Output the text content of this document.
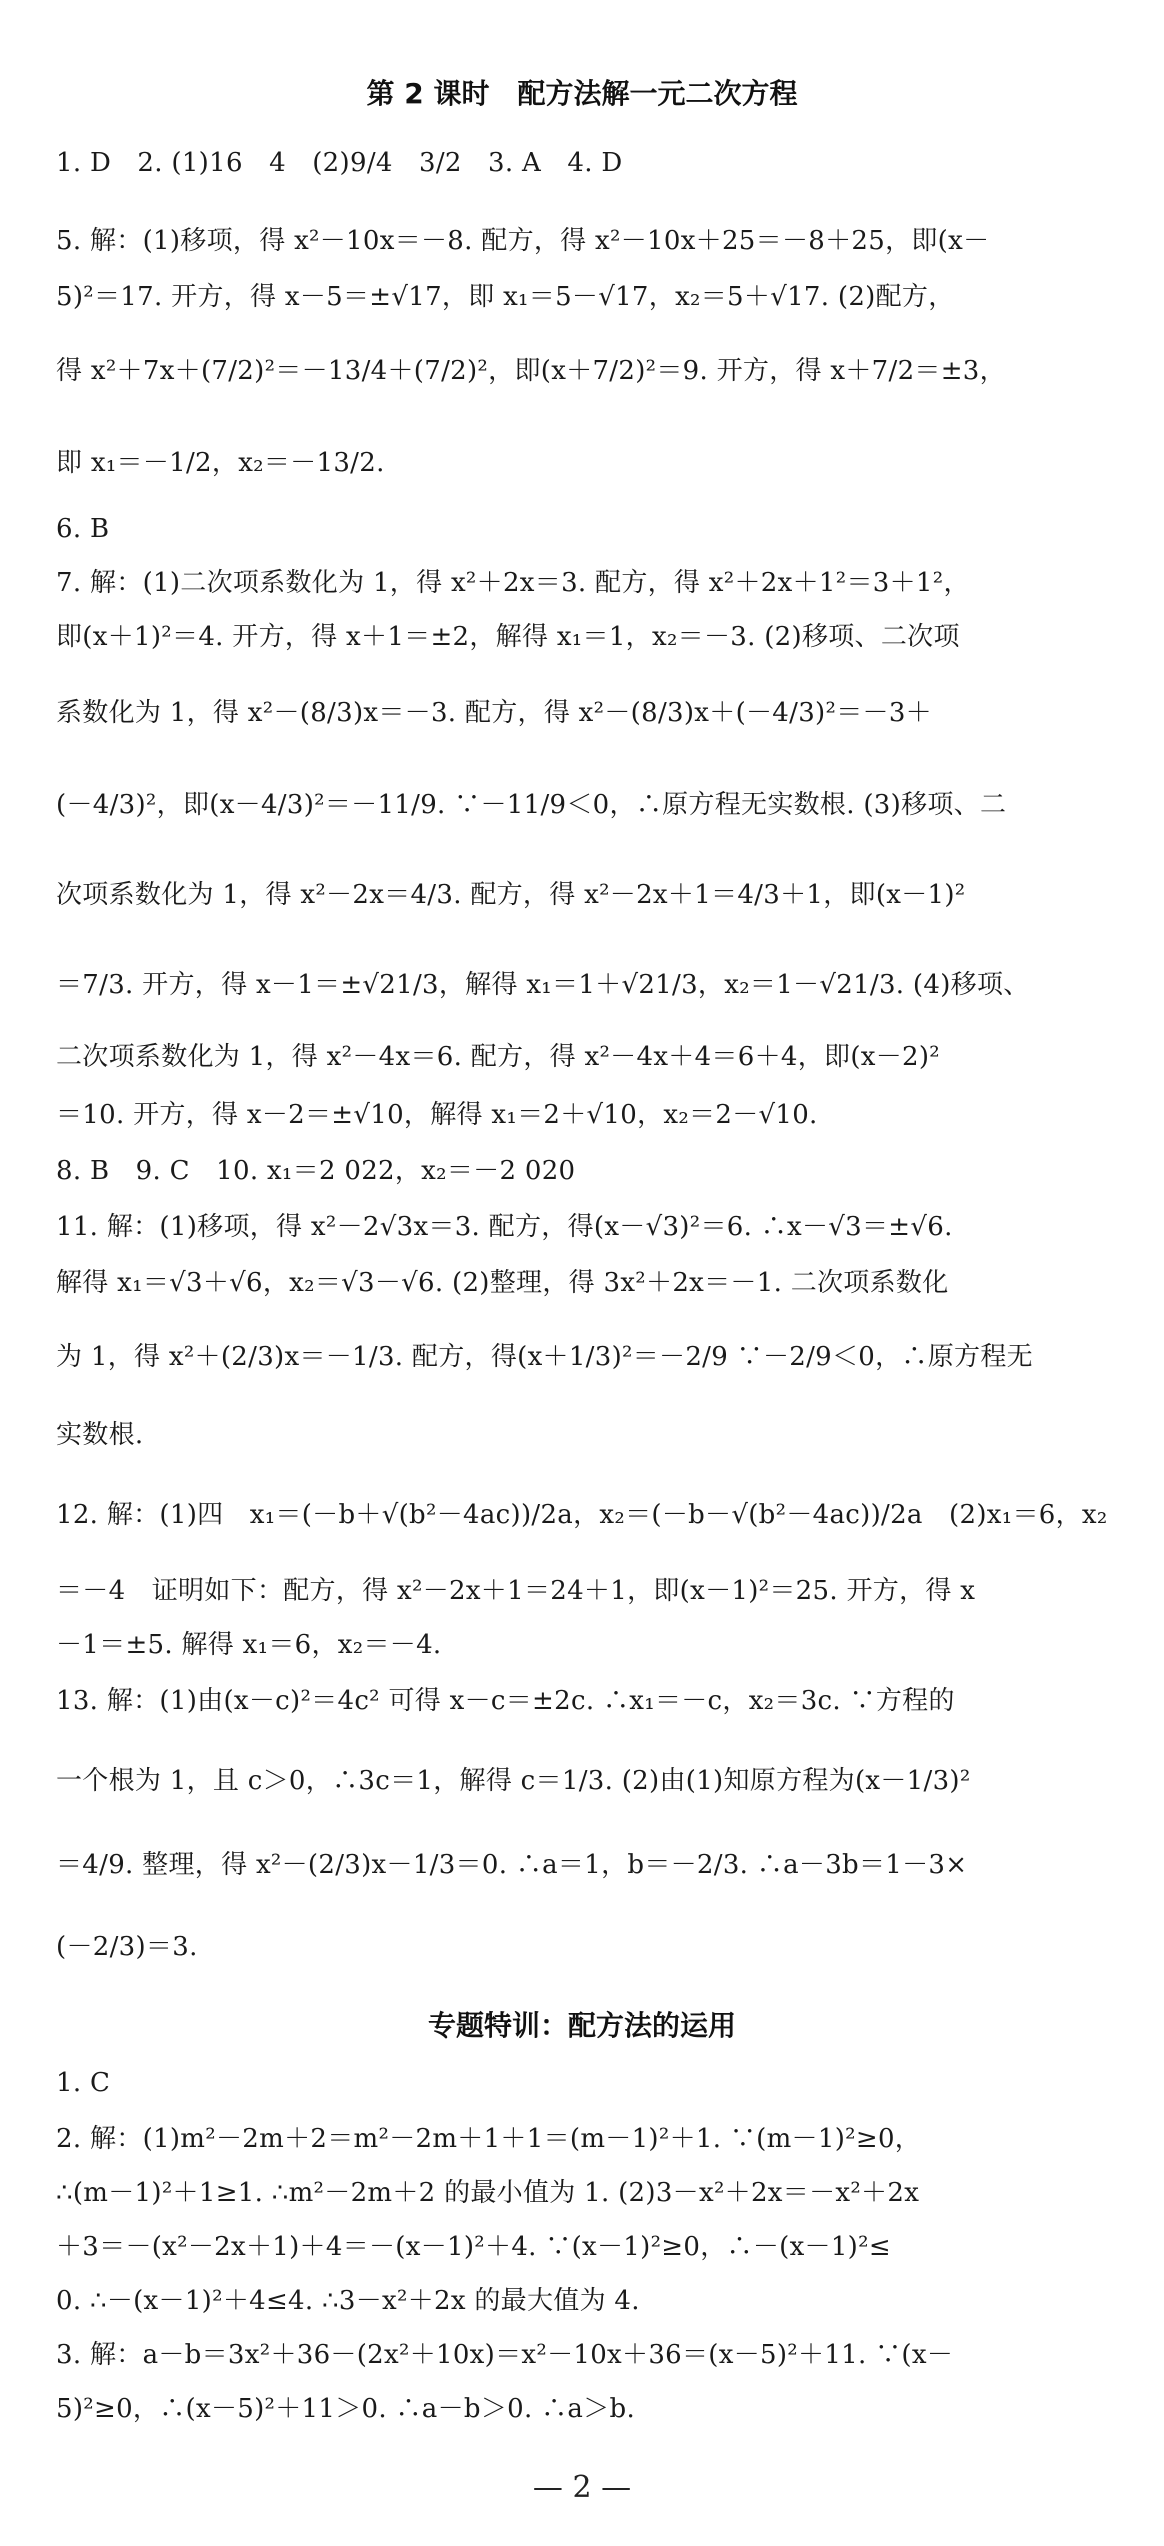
第 2 课时　配方法解一元二次方程
1. D　2. (1)16　4　(2)9/4　3/2　3. A　4. D
5. 解：(1)移项，得 x²－10x＝－8. 配方，得 x²－10x＋25＝－8＋25，即(x－
5)²＝17. 开方，得 x－5＝±√17，即 x₁＝5－√17，x₂＝5＋√17. (2)配方，
得 x²＋7x＋(7/2)²＝－13/4＋(7/2)²，即(x＋7/2)²＝9. 开方，得 x＋7/2＝±3，
即 x₁＝－1/2，x₂＝－13/2.
6. B
7. 解：(1)二次项系数化为 1，得 x²＋2x＝3. 配方，得 x²＋2x＋1²＝3＋1²，
即(x＋1)²＝4. 开方，得 x＋1＝±2，解得 x₁＝1，x₂＝－3. (2)移项、二次项
系数化为 1，得 x²－(8/3)x＝－3. 配方，得 x²－(8/3)x＋(－4/3)²＝－3＋
(－4/3)²，即(x－4/3)²＝－11/9. ∵－11/9＜0，∴原方程无实数根. (3)移项、二
次项系数化为 1，得 x²－2x＝4/3. 配方，得 x²－2x＋1＝4/3＋1，即(x－1)²
＝7/3. 开方，得 x－1＝±√21/3，解得 x₁＝1＋√21/3，x₂＝1－√21/3. (4)移项、
二次项系数化为 1，得 x²－4x＝6. 配方，得 x²－4x＋4＝6＋4，即(x－2)²
＝10. 开方，得 x－2＝±√10，解得 x₁＝2＋√10，x₂＝2－√10.
8. B　9. C　10. x₁＝2 022，x₂＝－2 020
11. 解：(1)移项，得 x²－2√3x＝3. 配方，得(x－√3)²＝6. ∴x－√3＝±√6.
解得 x₁＝√3＋√6，x₂＝√3－√6. (2)整理，得 3x²＋2x＝－1. 二次项系数化
为 1，得 x²＋(2/3)x＝－1/3. 配方，得(x＋1/3)²＝－2/9 ∵－2/9＜0，∴原方程无
实数根.
12. 解：(1)四　x₁＝(－b＋√(b²－4ac))/2a，x₂＝(－b－√(b²－4ac))/2a　(2)x₁＝6，x₂
＝－4　证明如下：配方，得 x²－2x＋1＝24＋1，即(x－1)²＝25. 开方，得 x
－1＝±5. 解得 x₁＝6，x₂＝－4.
13. 解：(1)由(x－c)²＝4c² 可得 x－c＝±2c. ∴x₁＝－c，x₂＝3c. ∵方程的
一个根为 1，且 c＞0，∴3c＝1，解得 c＝1/3. (2)由(1)知原方程为(x－1/3)²
＝4/9. 整理，得 x²－(2/3)x－1/3＝0. ∴a＝1，b＝－2/3. ∴a－3b＝1－3×
(－2/3)＝3.
专题特训：配方法的运用
1. C
2. 解：(1)m²－2m＋2＝m²－2m＋1＋1＝(m－1)²＋1. ∵(m－1)²≥0，
∴(m－1)²＋1≥1. ∴m²－2m＋2 的最小值为 1. (2)3－x²＋2x＝－x²＋2x
＋3＝－(x²－2x＋1)＋4＝－(x－1)²＋4. ∵(x－1)²≥0，∴－(x－1)²≤
0. ∴－(x－1)²＋4≤4. ∴3－x²＋2x 的最大值为 4.
3. 解：a－b＝3x²＋36－(2x²＋10x)＝x²－10x＋36＝(x－5)²＋11. ∵(x－
5)²≥0，∴(x－5)²＋11＞0. ∴a－b＞0. ∴a＞b.
— 2 —
